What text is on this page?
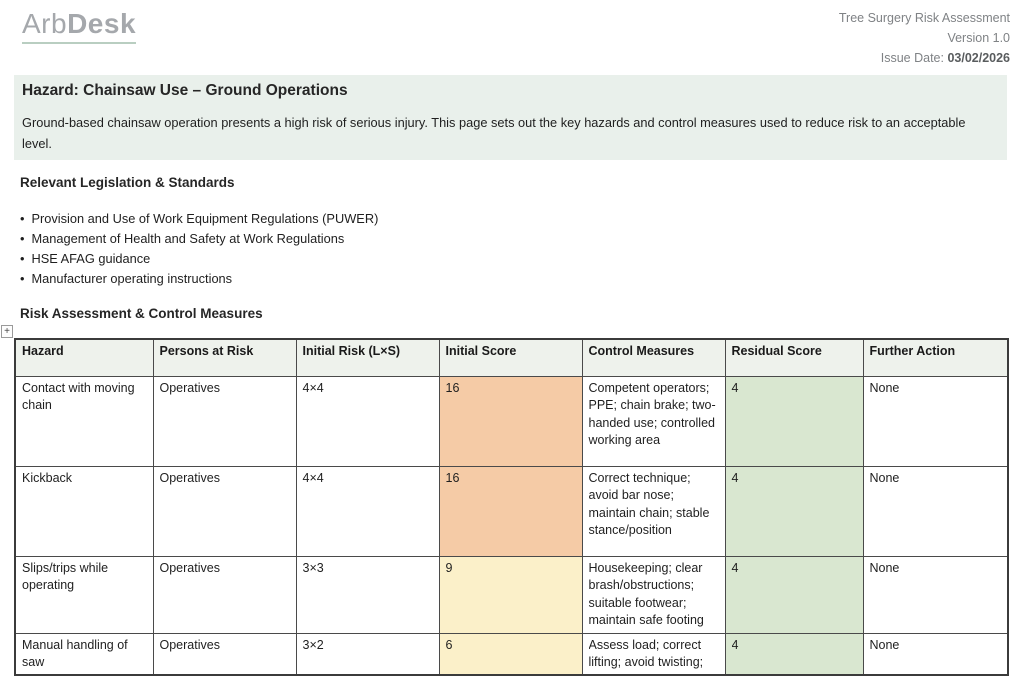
ArbDesk	Tree Surgery Risk Assessment
Version 1.0
Issue Date: 03/02/2026
Hazard: Chainsaw Use – Ground Operations

Ground-based chainsaw operation presents a high risk of serious injury. This page sets out the key hazards and control measures used to reduce risk to an acceptable level.

Relevant Legislation & Standards
• Provision and Use of Work Equipment Regulations (PUWER)
• Management of Health and Safety at Work Regulations
• HSE AFAG guidance
• Manufacturer operating instructions
Risk Assessment & Control Measures
+
Hazard	Persons at Risk	Initial Risk (L×S)	Initial Score	Control Measures	Residual Score	Further Action
Contact with moving chain	Operatives	4×4	16	Competent operators; PPE; chain brake; two-handed use; controlled working area	4	None
Kickback	Operatives	4×4	16	Correct technique; avoid bar nose; maintain chain; stable stance/position	4	None
Slips/trips while operating	Operatives	3×3	9	Housekeeping; clear brash/obstructions; suitable footwear; maintain safe footing	4	None

Manual handling of saw	Operatives	3×2	6	Assess load; correct lifting; avoid twisting;	4	None
